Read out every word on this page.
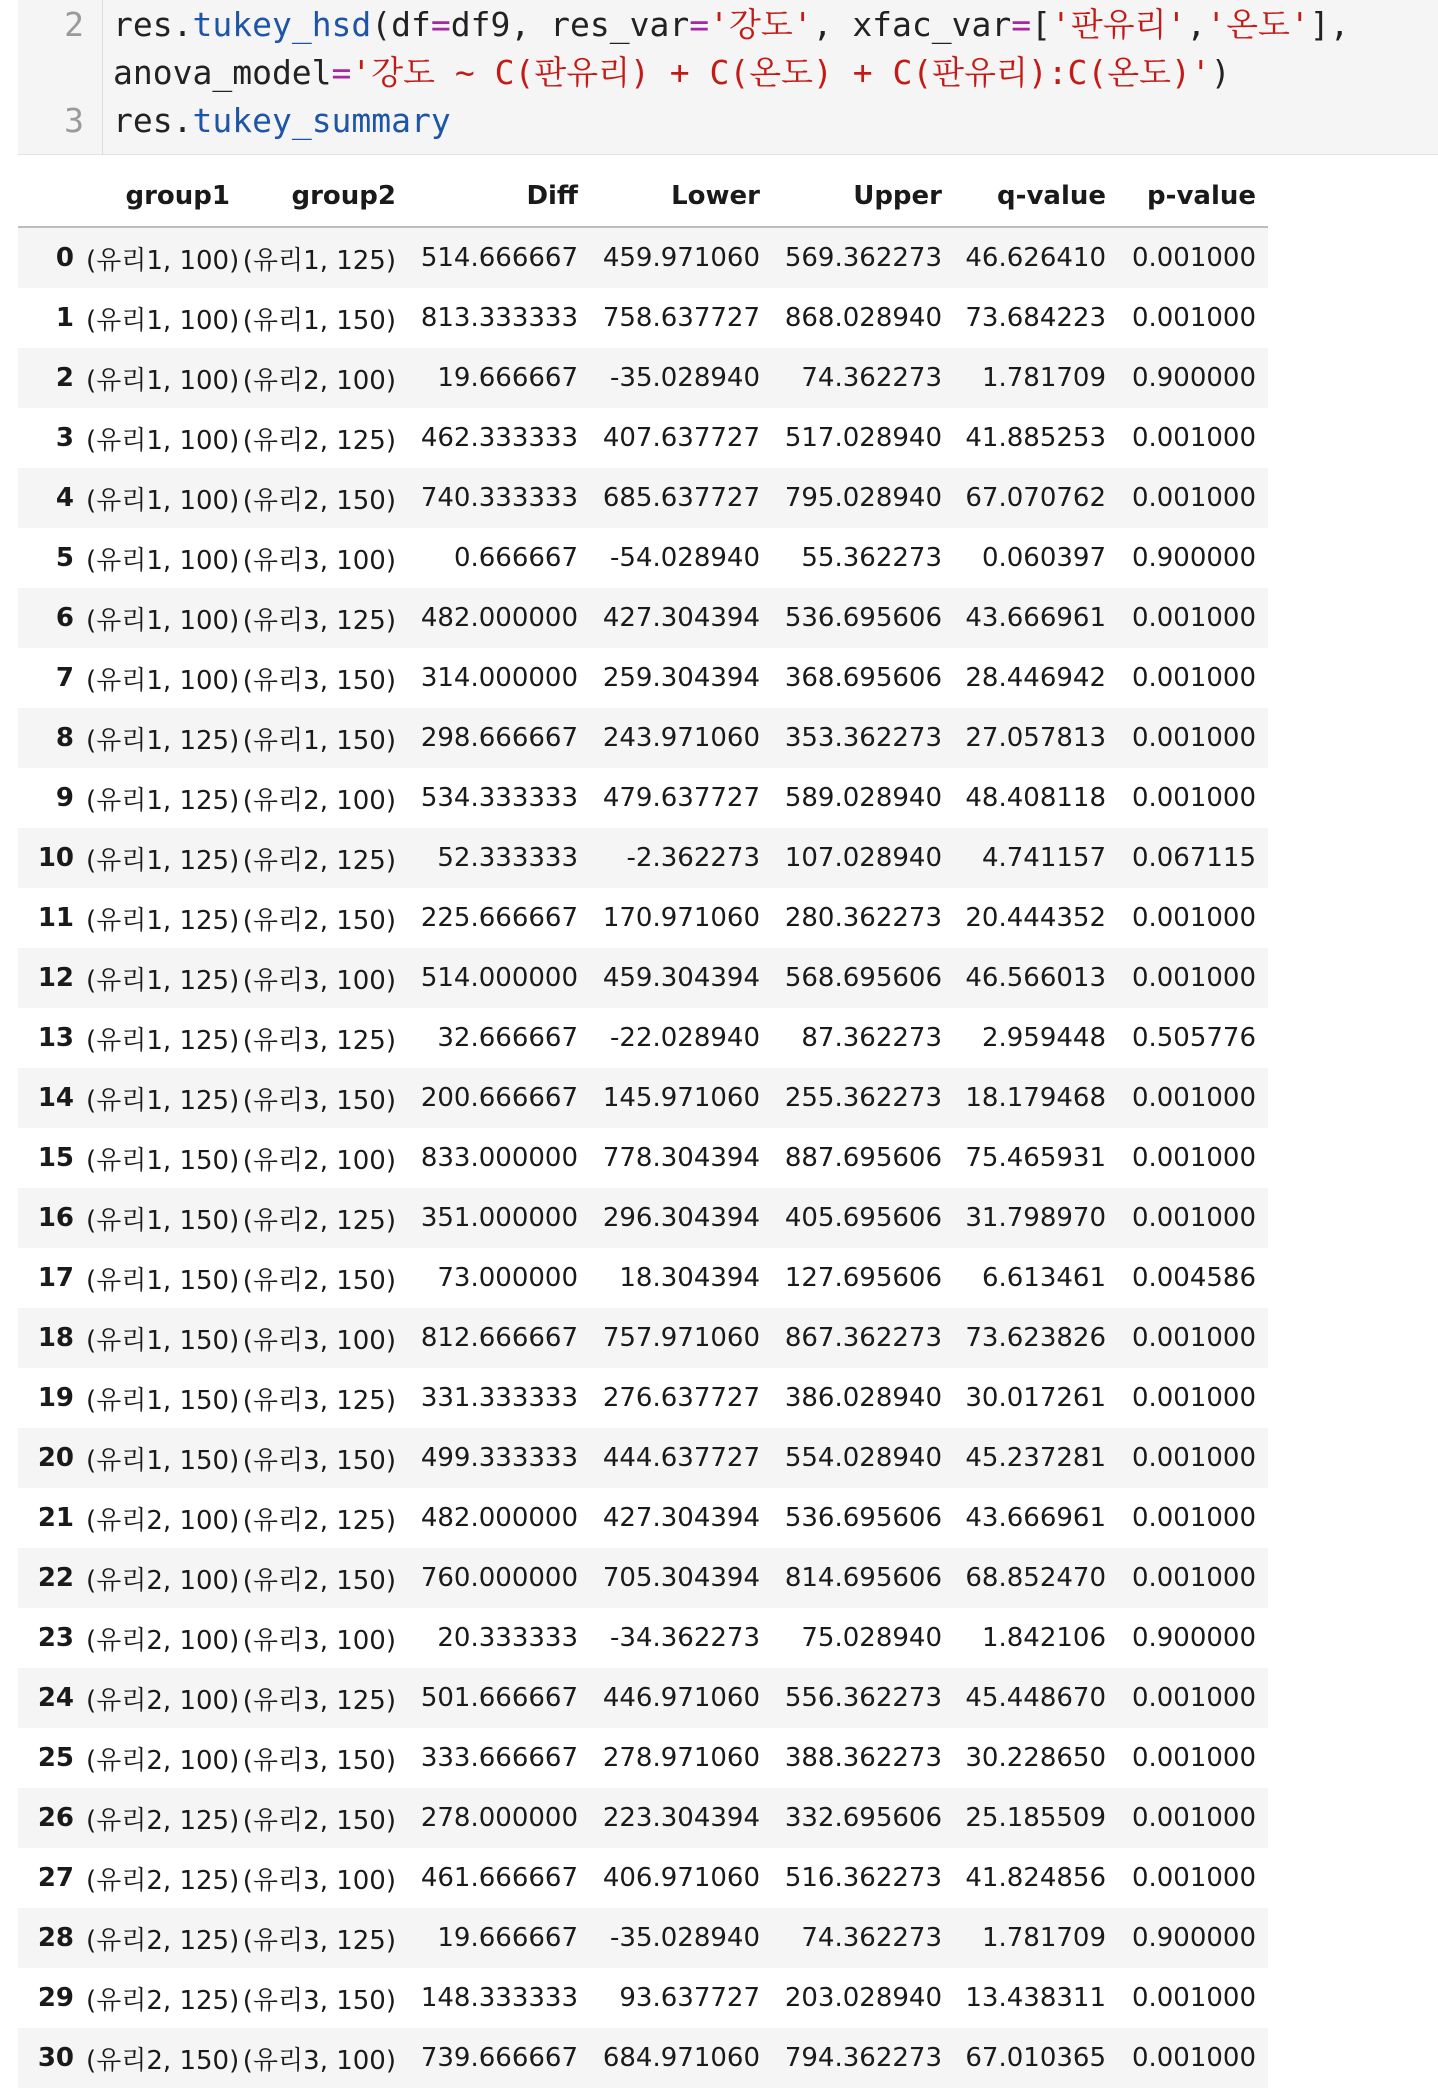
2 res.tukey_hsd(df=df9, res_var='강도', xfac_var=['판유리','온도'],
anova_model='강도 ~ C(판유리) + C(온도) + C(판유리):C(온도)')
3 res.tukey_summary
	group1	group2	Diff	Lower	Upper	q-value	p-value
0	(유리1, 100)	(유리1, 125)	514.666667	459.971060	569.362273	46.626410	0.001000
1	(유리1, 100)	(유리1, 150)	813.333333	758.637727	868.028940	73.684223	0.001000
2	(유리1, 100)	(유리2, 100)	19.666667	-35.028940	74.362273	1.781709	0.900000
3	(유리1, 100)	(유리2, 125)	462.333333	407.637727	517.028940	41.885253	0.001000
4	(유리1, 100)	(유리2, 150)	740.333333	685.637727	795.028940	67.070762	0.001000
5	(유리1, 100)	(유리3, 100)	0.666667	-54.028940	55.362273	0.060397	0.900000
6	(유리1, 100)	(유리3, 125)	482.000000	427.304394	536.695606	43.666961	0.001000
7	(유리1, 100)	(유리3, 150)	314.000000	259.304394	368.695606	28.446942	0.001000
8	(유리1, 125)	(유리1, 150)	298.666667	243.971060	353.362273	27.057813	0.001000
9	(유리1, 125)	(유리2, 100)	534.333333	479.637727	589.028940	48.408118	0.001000
10	(유리1, 125)	(유리2, 125)	52.333333	-2.362273	107.028940	4.741157	0.067115
11	(유리1, 125)	(유리2, 150)	225.666667	170.971060	280.362273	20.444352	0.001000
12	(유리1, 125)	(유리3, 100)	514.000000	459.304394	568.695606	46.566013	0.001000
13	(유리1, 125)	(유리3, 125)	32.666667	-22.028940	87.362273	2.959448	0.505776
14	(유리1, 125)	(유리3, 150)	200.666667	145.971060	255.362273	18.179468	0.001000
15	(유리1, 150)	(유리2, 100)	833.000000	778.304394	887.695606	75.465931	0.001000
16	(유리1, 150)	(유리2, 125)	351.000000	296.304394	405.695606	31.798970	0.001000
17	(유리1, 150)	(유리2, 150)	73.000000	18.304394	127.695606	6.613461	0.004586
18	(유리1, 150)	(유리3, 100)	812.666667	757.971060	867.362273	73.623826	0.001000
19	(유리1, 150)	(유리3, 125)	331.333333	276.637727	386.028940	30.017261	0.001000
20	(유리1, 150)	(유리3, 150)	499.333333	444.637727	554.028940	45.237281	0.001000
21	(유리2, 100)	(유리2, 125)	482.000000	427.304394	536.695606	43.666961	0.001000
22	(유리2, 100)	(유리2, 150)	760.000000	705.304394	814.695606	68.852470	0.001000
23	(유리2, 100)	(유리3, 100)	20.333333	-34.362273	75.028940	1.842106	0.900000
24	(유리2, 100)	(유리3, 125)	501.666667	446.971060	556.362273	45.448670	0.001000
25	(유리2, 100)	(유리3, 150)	333.666667	278.971060	388.362273	30.228650	0.001000
26	(유리2, 125)	(유리2, 150)	278.000000	223.304394	332.695606	25.185509	0.001000
27	(유리2, 125)	(유리3, 100)	461.666667	406.971060	516.362273	41.824856	0.001000
28	(유리2, 125)	(유리3, 125)	19.666667	-35.028940	74.362273	1.781709	0.900000
29	(유리2, 125)	(유리3, 150)	148.333333	93.637727	203.028940	13.438311	0.001000
30	(유리2, 150)	(유리3, 100)	739.666667	684.971060	794.362273	67.010365	0.001000
